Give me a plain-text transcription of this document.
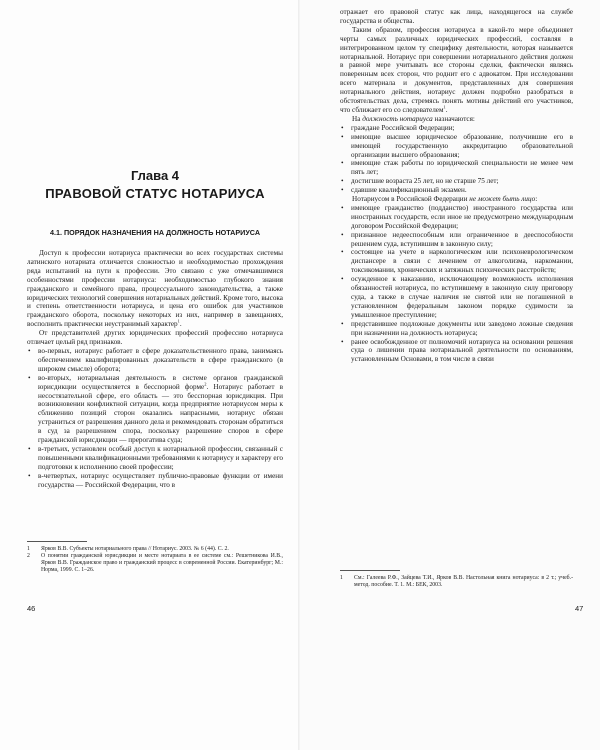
Глава 4
ПРАВОВОЙ СТАТУС НОТАРИУСА
4.1. ПОРЯДОК НАЗНАЧЕНИЯ НА ДОЛЖНОСТЬ НОТАРИУСА

Доступ к профессии нотариуса практически во всех государствах системы латинского нотариата отличается сложностью и необходимостью прохождения ряда испытаний на пути к профессии. Это связано с уже отмечавшимися особенностями профессии нотариуса: необходимостью глубокого знания гражданского и семейного права, процессуального законодательства, а также юридических технологий совершения нотариальных действий. Кроме того, высока и степень ответственности нотариуса, и цена его ошибок для участников гражданского оборота, поскольку некоторых из них, например в завещаниях, восполнить практически неустранимый характер$^1$.

От представителей других юридических профессий профессию нотариуса отличает целый ряд признаков.

• во-первых, нотариус работает в сфере доказательственного права, занимаясь обеспечением квалифицированных доказательств в сфере гражданского (в широком смысле) оборота;
• во-вторых, нотариальная деятельность в системе органов гражданской юрисдикции осуществляется в бесспорной форме$^2$. Нотариус работает в несостязательной сфере, его область — это бесспорная юрисдикция. При возникновении конфликтной ситуации, когда предприятие нотариусом меры к сближению позиций сторон оказались напрасными, нотариус обязан устраниться от разрешения данного дела и рекомендовать сторонам обратиться в суд за разрешением спора, поскольку разрешение споров в сфере гражданской юрисдикции — прерогатива суда;
• в-третьих, установлен особый доступ к нотариальной профессии, связанный с повышенными квалификационными требованиями к нотариусу и характеру его подготовки к исполнению своей профессии;
• в-четвертых, нотариус осуществляет публично-правовые функции от имени государства — Российской Федерации, что в
1	Ярков В.В. Субъекты нотариального права // Нотариус. 2003. № 6 (44). С. 2.
2	О понятии гражданской юрисдикции и месте нотариата в ее системе см.: Решетникова И.В., Ярков В.В. Гражданское право и гражданский процесс в современной России. Екатеринбург; М.: Норма, 1999. С. 1–26.
46

отражает его правовой статус как лица, находящегося на службе государства и общества.

Таким образом, профессия нотариуса в какой-то мере объединяет черты самых различных юридических профессий, составляя в интегрированном целом ту специфику деятельности, которая называется нотариальной. Нотариус при совершении нотариального действия должен в равной мере учитывать все стороны сделки, фактически являясь поверенным всех сторон, что роднит его с адвокатом. При исследовании всего материала и документов, представленных для совершения нотариального действия, нотариус должен подробно разобраться в обстоятельствах дела, стремясь понять мотивы действий его участников, что сближает его со следователем$^1$.

На должность нотариуса назначаются:

• граждане Российской Федерации;
• имеющие высшее юридическое образование, получившие его в имеющей государственную аккредитацию образовательной организации высшего образования;
• имеющие стаж работы по юридической специальности не менее чем пять лет;
• достигшие возраста 25 лет, но не старше 75 лет;
• сдавшие квалификационный экзамен.

Нотариусом в Российской Федерации не может быть лицо:

• имеющее гражданство (подданство) иностранного государства или иностранных государств, если иное не предусмотрено международным договором Российской Федерации;
• признанное недееспособным или ограниченное в дееспособности решением суда, вступившим в законную силу;
• состоящее на учете в наркологическом или психоневрологическом диспансере в связи с лечением от алкоголизма, наркомании, токсикомании, хронических и затяжных психических расстройств;
• осужденное к наказанию, исключающему возможность исполнения обязанностей нотариуса, по вступившему в законную силу приговору суда, а также в случае наличия не снятой или не погашенной в установленном федеральным законом порядке судимости за умышленное преступление;
• представившее подложные документы или заведомо ложные сведения при назначении на должность нотариуса;
• ранее освобожденное от полномочий нотариуса на основании решения суда о лишении права нотариальной деятельности по основаниям, установленным Основами, в том числе в связи
1	См.: Галеева Р.Ф., Зайцева Т.И., Ярков В.В. Настольная книга нотариуса: в 2 т.; учеб.-метод. пособие. Т. 1. М.: БЕК, 2003.
47
